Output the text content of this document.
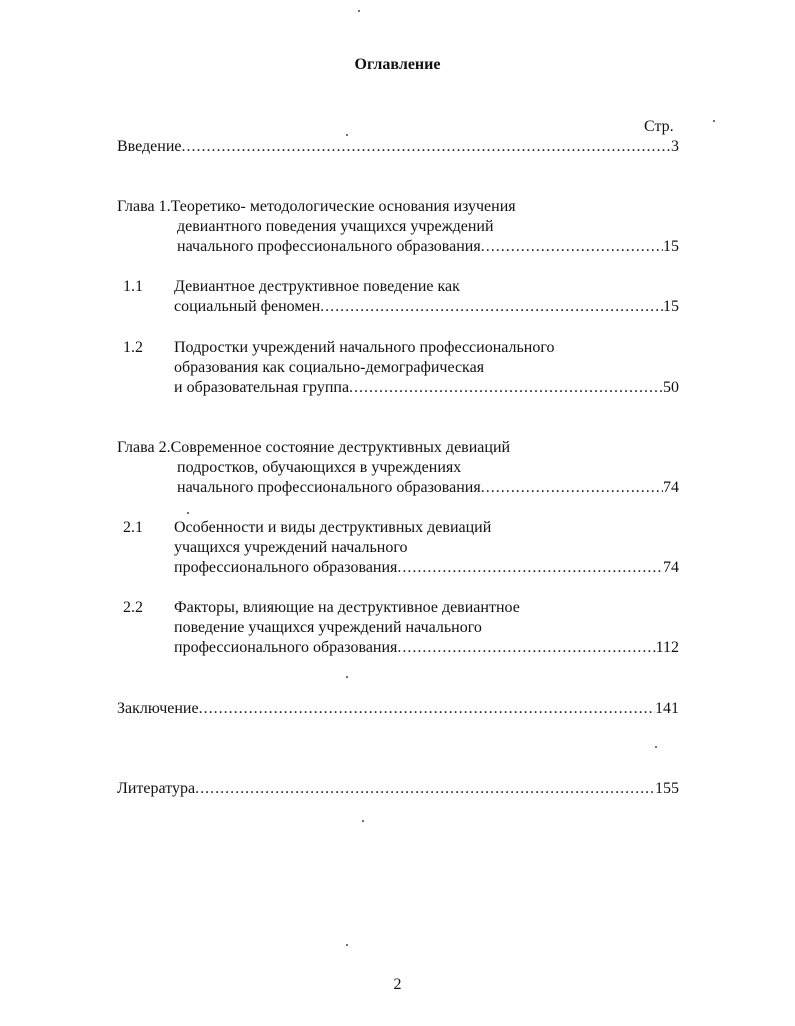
Оглавление
Стр.
Введение .....	3
Глава 1.Теоретико- методологические основания изучения
девиантного поведения учащихся учреждений
начального профессионального образования .....	15
1.1 Девиантное деструктивное поведение как
социальный феномен .....	15
1.2 Подростки учреждений начального профессионального
образования как социально-демографическая
и образовательная группа .....	50
Глава 2.Современное состояние деструктивных девиаций
подростков, обучающихся в учреждениях
начального профессионального образования .....	74
2.1 Особенности и виды деструктивных девиаций
учащихся учреждений начального
профессионального образования .....	74
2.2 Факторы, влияющие на деструктивное девиантное
поведение учащихся учреждений начального
профессионального образования .....	112
Заключение .....	141
Литература .....	155
2
